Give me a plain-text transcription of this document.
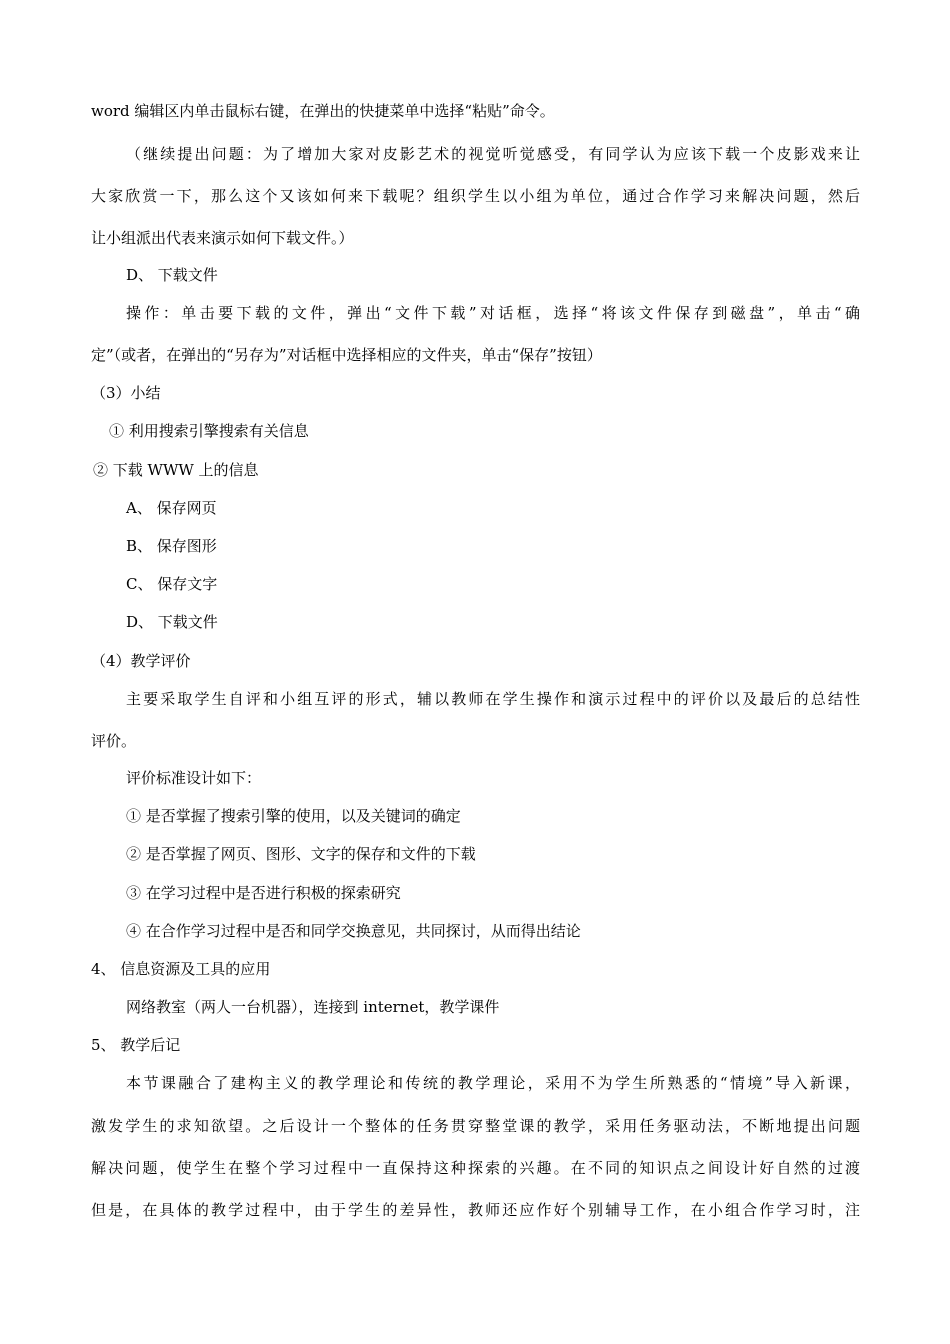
word 编辑区内单击鼠标右键，在弹出的快捷菜单中选择“粘贴”命令。
（继续提出问题：为了增加大家对皮影艺术的视觉听觉感受，有同学认为应该下载一个皮影戏来让
大家欣赏一下，那么这个又该如何来下载呢？组织学生以小组为单位，通过合作学习来解决问题，然后
让小组派出代表来演示如何下载文件。）
D、 下载文件
操作：单击要下载的文件，弹出“文件下载”对话框，选择“将该文件保存到磁盘”，单击“确
定”（或者，在弹出的“另存为”对话框中选择相应的文件夹，单击“保存”按钮）
（3）小结
① 利用搜索引擎搜索有关信息
② 下载 WWW 上的信息
A、 保存网页
B、 保存图形
C、 保存文字
D、 下载文件
（4）教学评价
主要采取学生自评和小组互评的形式，辅以教师在学生操作和演示过程中的评价以及最后的总结性
评价。
评价标准设计如下：
① 是否掌握了搜索引擎的使用，以及关键词的确定
② 是否掌握了网页、图形、文字的保存和文件的下载
③ 在学习过程中是否进行积极的探索研究
④ 在合作学习过程中是否和同学交换意见，共同探讨，从而得出结论
4、 信息资源及工具的应用
网络教室（两人一台机器），连接到 internet，教学课件
5、 教学后记
本节课融合了建构主义的教学理论和传统的教学理论，采用不为学生所熟悉的“情境”导入新课，
激发学生的求知欲望。之后设计一个整体的任务贯穿整堂课的教学，采用任务驱动法，不断地提出问题
解决问题，使学生在整个学习过程中一直保持这种探索的兴趣。在不同的知识点之间设计好自然的过渡
但是，在具体的教学过程中，由于学生的差异性，教师还应作好个别辅导工作，在小组合作学习时，注
